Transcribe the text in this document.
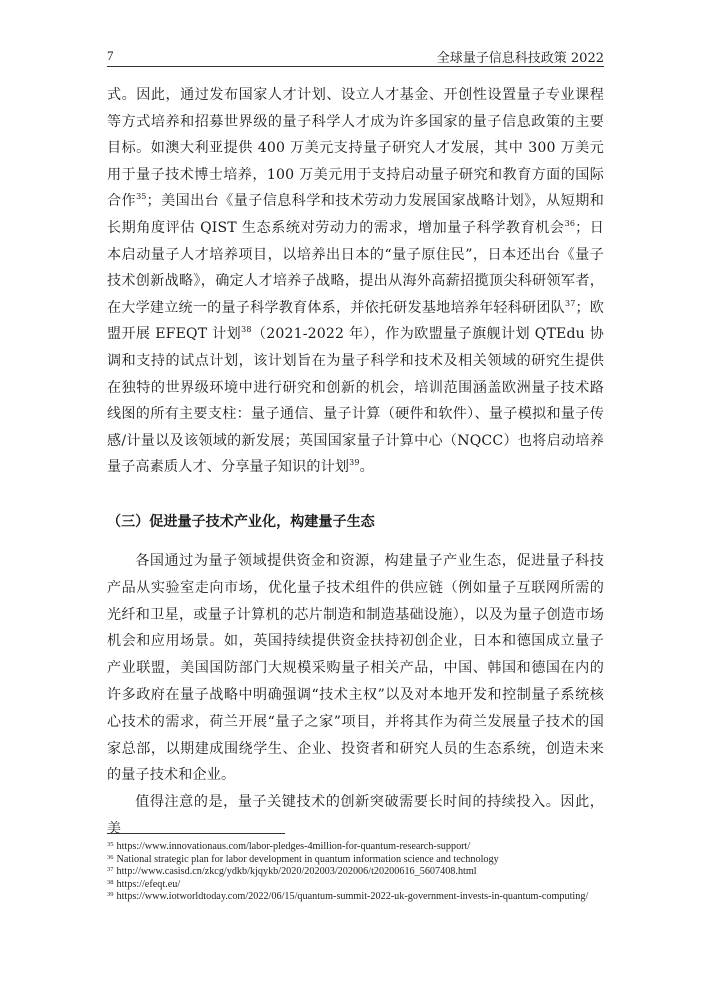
7	全球量子信息科技政策 2022

式。因此，通过发布国家人才计划、设立人才基金、开创性设置量子专业课程等方式培养和招募世界级的量子科学人才成为许多国家的量子信息政策的主要目标。如澳大利亚提供 400 万美元支持量子研究人才发展，其中 300 万美元用于量子技术博士培养，100 万美元用于支持启动量子研究和教育方面的国际合作$^{35}$；美国出台《量子信息科学和技术劳动力发展国家战略计划》，从短期和长期角度评估 QIST 生态系统对劳动力的需求，增加量子科学教育机会$^{36}$；日本启动量子人才培养项目，以培养出日本的“量子原住民”，日本还出台《量子技术创新战略》，确定人才培养子战略，提出从海外高薪招揽顶尖科研领军者，在大学建立统一的量子科学教育体系，并依托研发基地培养年轻科研团队$^{37}$；欧盟开展 EFEQT 计划$^{38}$（2021-2022 年），作为欧盟量子旗舰计划 QTEdu 协调和支持的试点计划，该计划旨在为量子科学和技术及相关领域的研究生提供在独特的世界级环境中进行研究和创新的机会，培训范围涵盖欧洲量子技术路线图的所有主要支柱：量子通信、量子计算（硬件和软件）、量子模拟和量子传感/计量以及该领域的新发展；英国国家量子计算中心（NQCC）也将启动培养量子高素质人才、分享量子知识的计划$^{39}$。

（三）促进量子技术产业化，构建量子生态

各国通过为量子领域提供资金和资源，构建量子产业生态，促进量子科技产品从实验室走向市场，优化量子技术组件的供应链（例如量子互联网所需的光纤和卫星，或量子计算机的芯片制造和制造基础设施），以及为量子创造市场机会和应用场景。如，英国持续提供资金扶持初创企业，日本和德国成立量子产业联盟，美国国防部门大规模采购量子相关产品，中国、韩国和德国在内的许多政府在量子战略中明确强调“技术主权”以及对本地开发和控制量子系统核心技术的需求，荷兰开展“量子之家”项目，并将其作为荷兰发展量子技术的国家总部，以期建成围绕学生、企业、投资者和研究人员的生态系统，创造未来的量子技术和企业。

值得注意的是，量子关键技术的创新突破需要长时间的持续投入。因此，美

$^{35}$ https://www.innovationaus.com/labor-pledges-4million-for-quantum-research-support/

$^{36}$ National strategic plan for labor development in quantum information science and technology

$^{37}$ http://www.casisd.cn/zkcg/ydkb/kjqykb/2020/202003/202006/t20200616_5607408.html

$^{38}$ https://efeqt.eu/

$^{39}$ https://www.iotworldtoday.com/2022/06/15/quantum-summit-2022-uk-government-invests-in-quantum-computing/
